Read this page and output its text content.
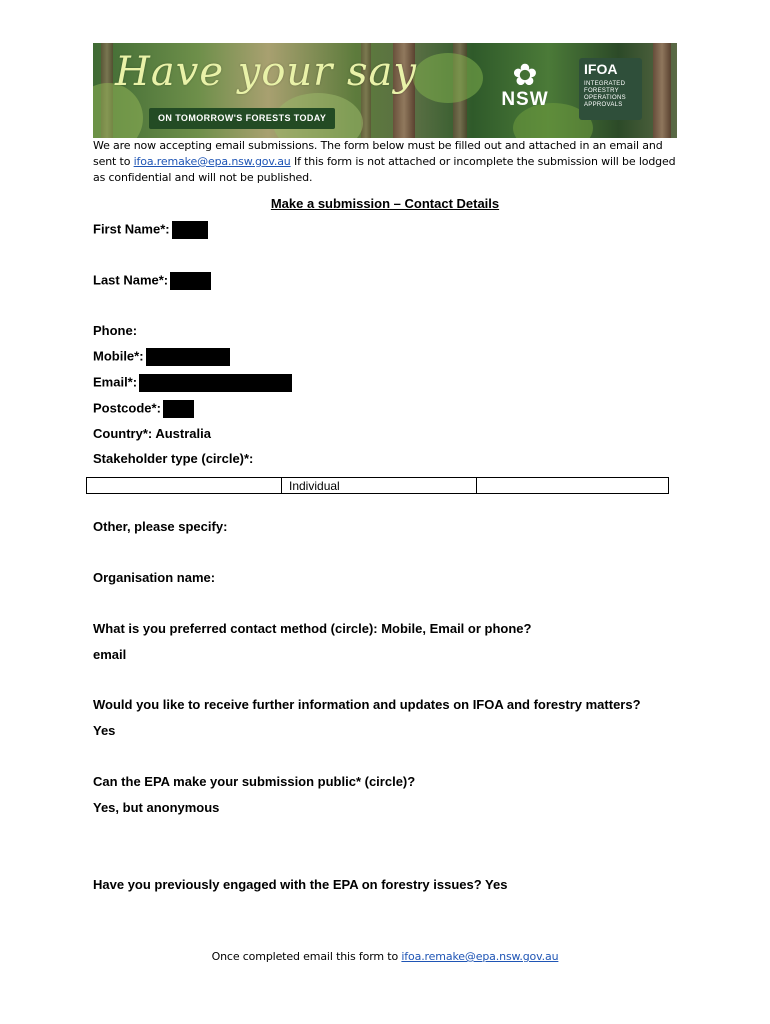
Have your say
ON TOMORROW'S FORESTS TODAY
✿
NSW
IFOA
INTEGRATED FORESTRY OPERATIONS APPROVALS
We are now accepting email submissions. The form below must be filled out and attached in an email and sent to ifoa.remake@epa.nsw.gov.au If this form is not attached or incomplete the submission will be lodged as confidential and will not be published.
Make a submission – Contact Details
First Name*:
Last Name*:
Phone:
Mobile*:
Email*:
Postcode*:
Country*: Australia
Stakeholder type (circle)*:
	Individual	
Other, please specify:
Organisation name:
What is you preferred contact method (circle): Mobile, Email or phone?
email
Would you like to receive further information and updates on IFOA and forestry matters?
Yes
Can the EPA make your submission public* (circle)?
Yes, but anonymous
Have you previously engaged with the EPA on forestry issues? Yes
Once completed email this form to ifoa.remake@epa.nsw.gov.au
